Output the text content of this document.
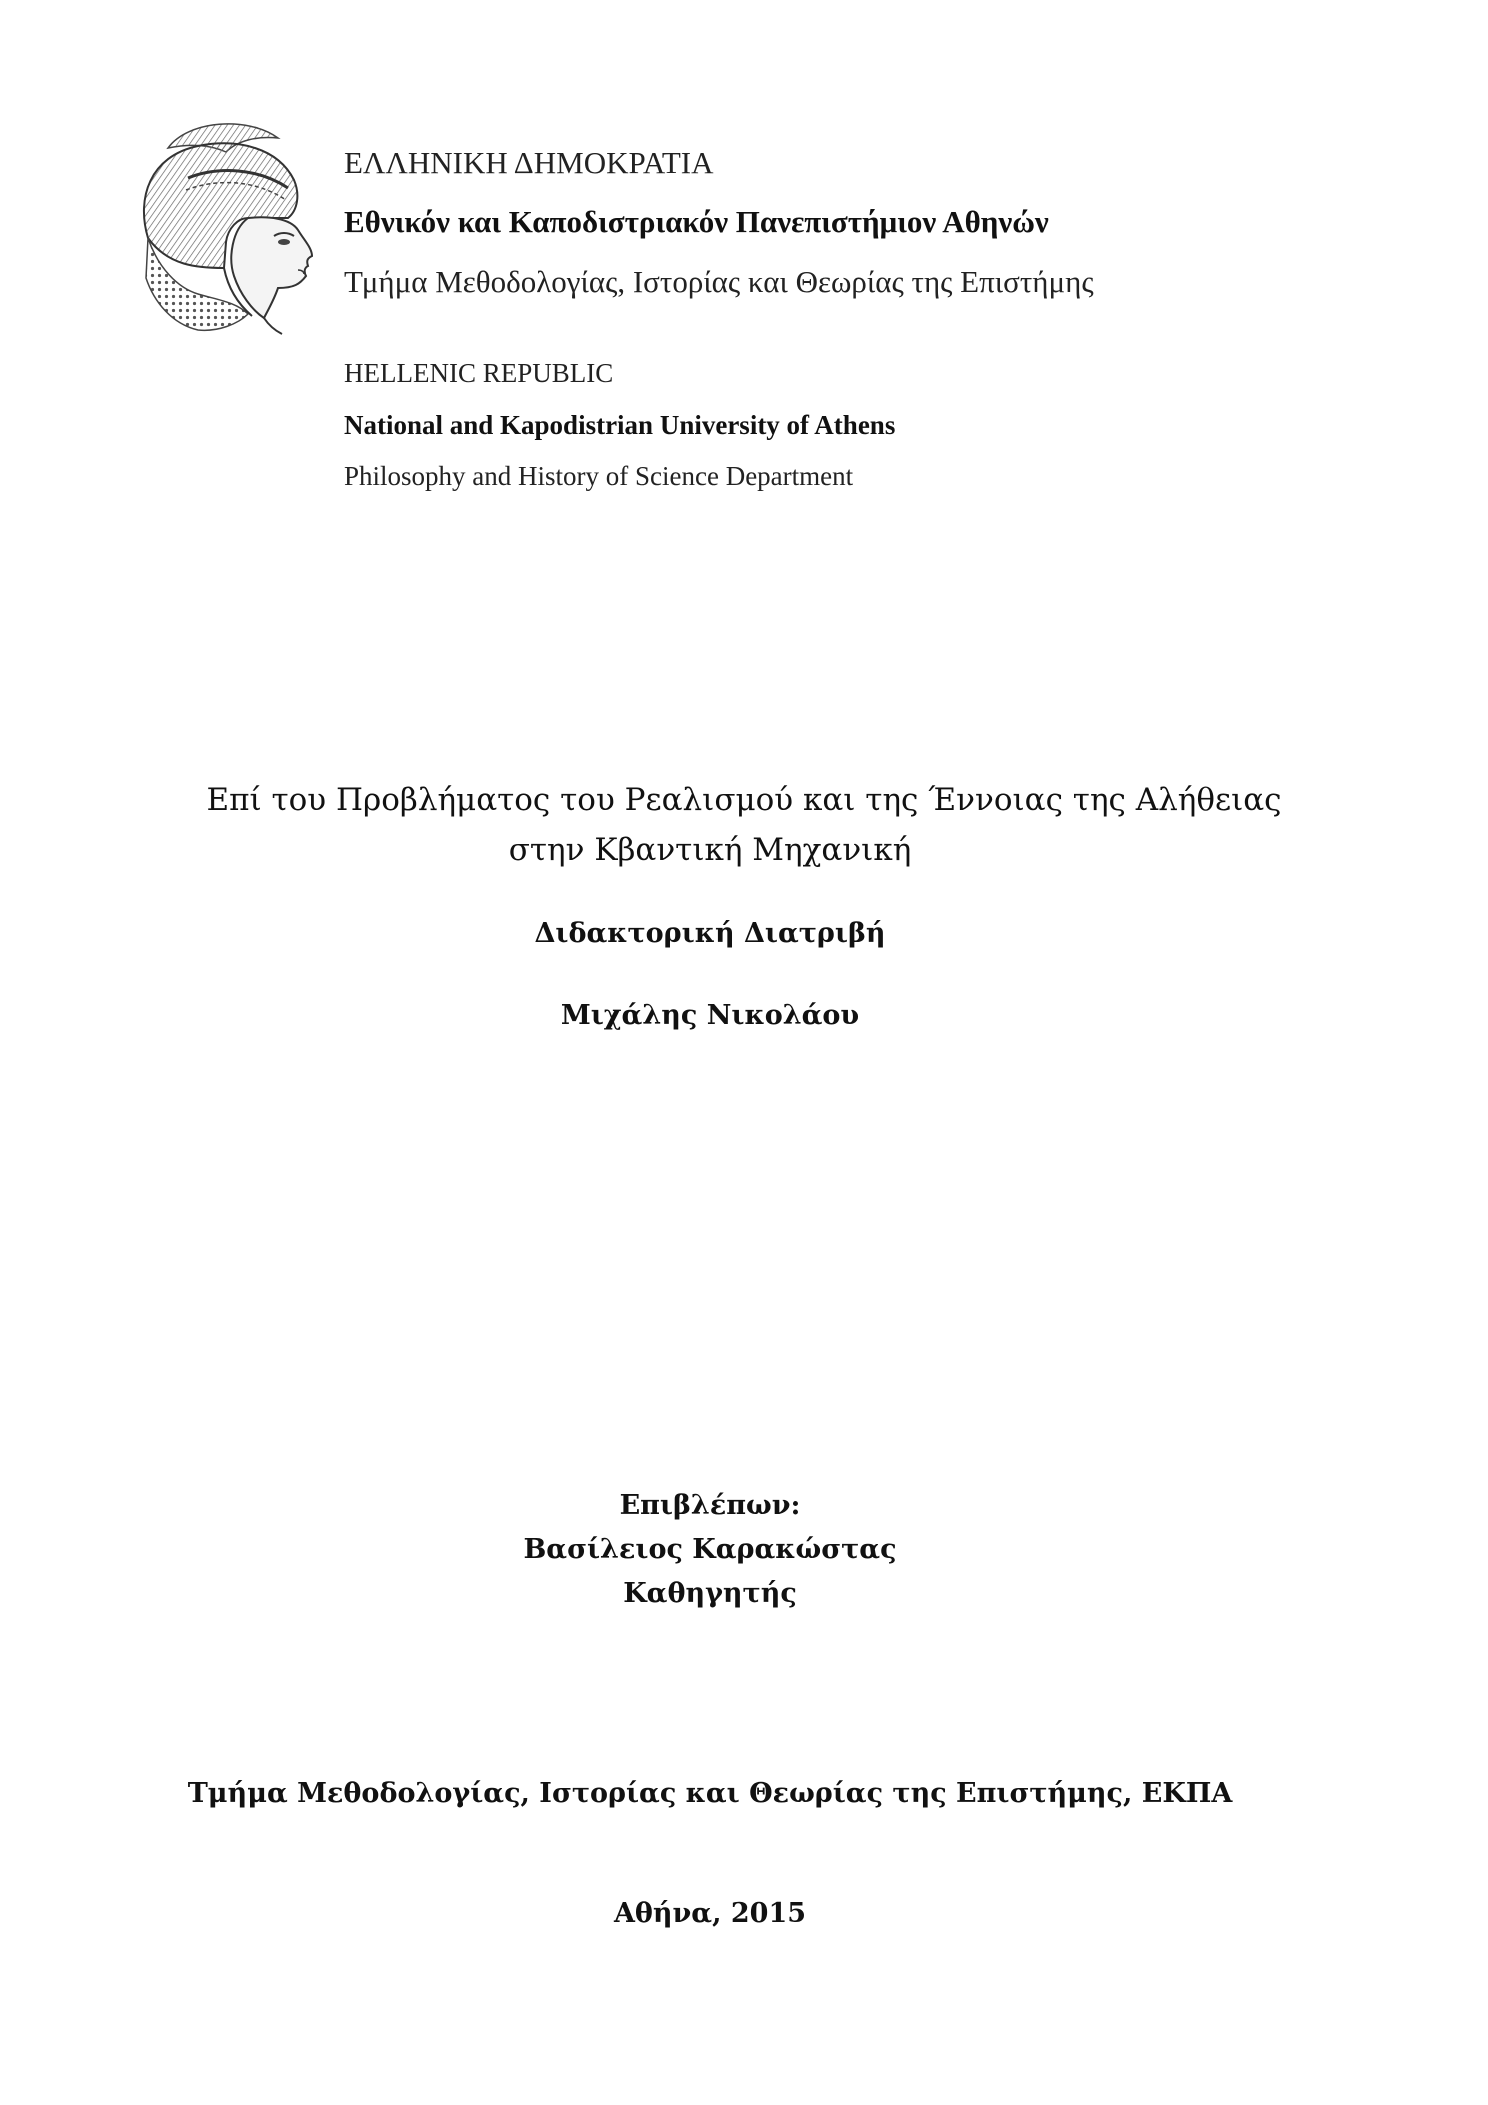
ΕΛΛΗΝΙΚΗ ΔΗΜΟΚΡΑΤΙΑ
Εθνικόν και Καποδιστριακόν Πανεπιστήμιον Αθηνών
Τμήμα Μεθοδολογίας, Ιστορίας και Θεωρίας της Επιστήμης
HELLENIC REPUBLIC
National and Kapodistrian University of Athens
Philosophy and History of Science Department
Επί του Προβλήματος του Ρεαλισμού και της Έννοιας της Αλήθειας
στην Κβαντική Μηχανική
Διδακτορική Διατριβή
Μιχάλης Νικολάου
Επιβλέπων:
Βασίλειος Καρακώστας
Καθηγητής
Τμήμα Μεθοδολογίας, Ιστορίας και Θεωρίας της Επιστήμης, ΕΚΠΑ
Αθήνα, 2015
